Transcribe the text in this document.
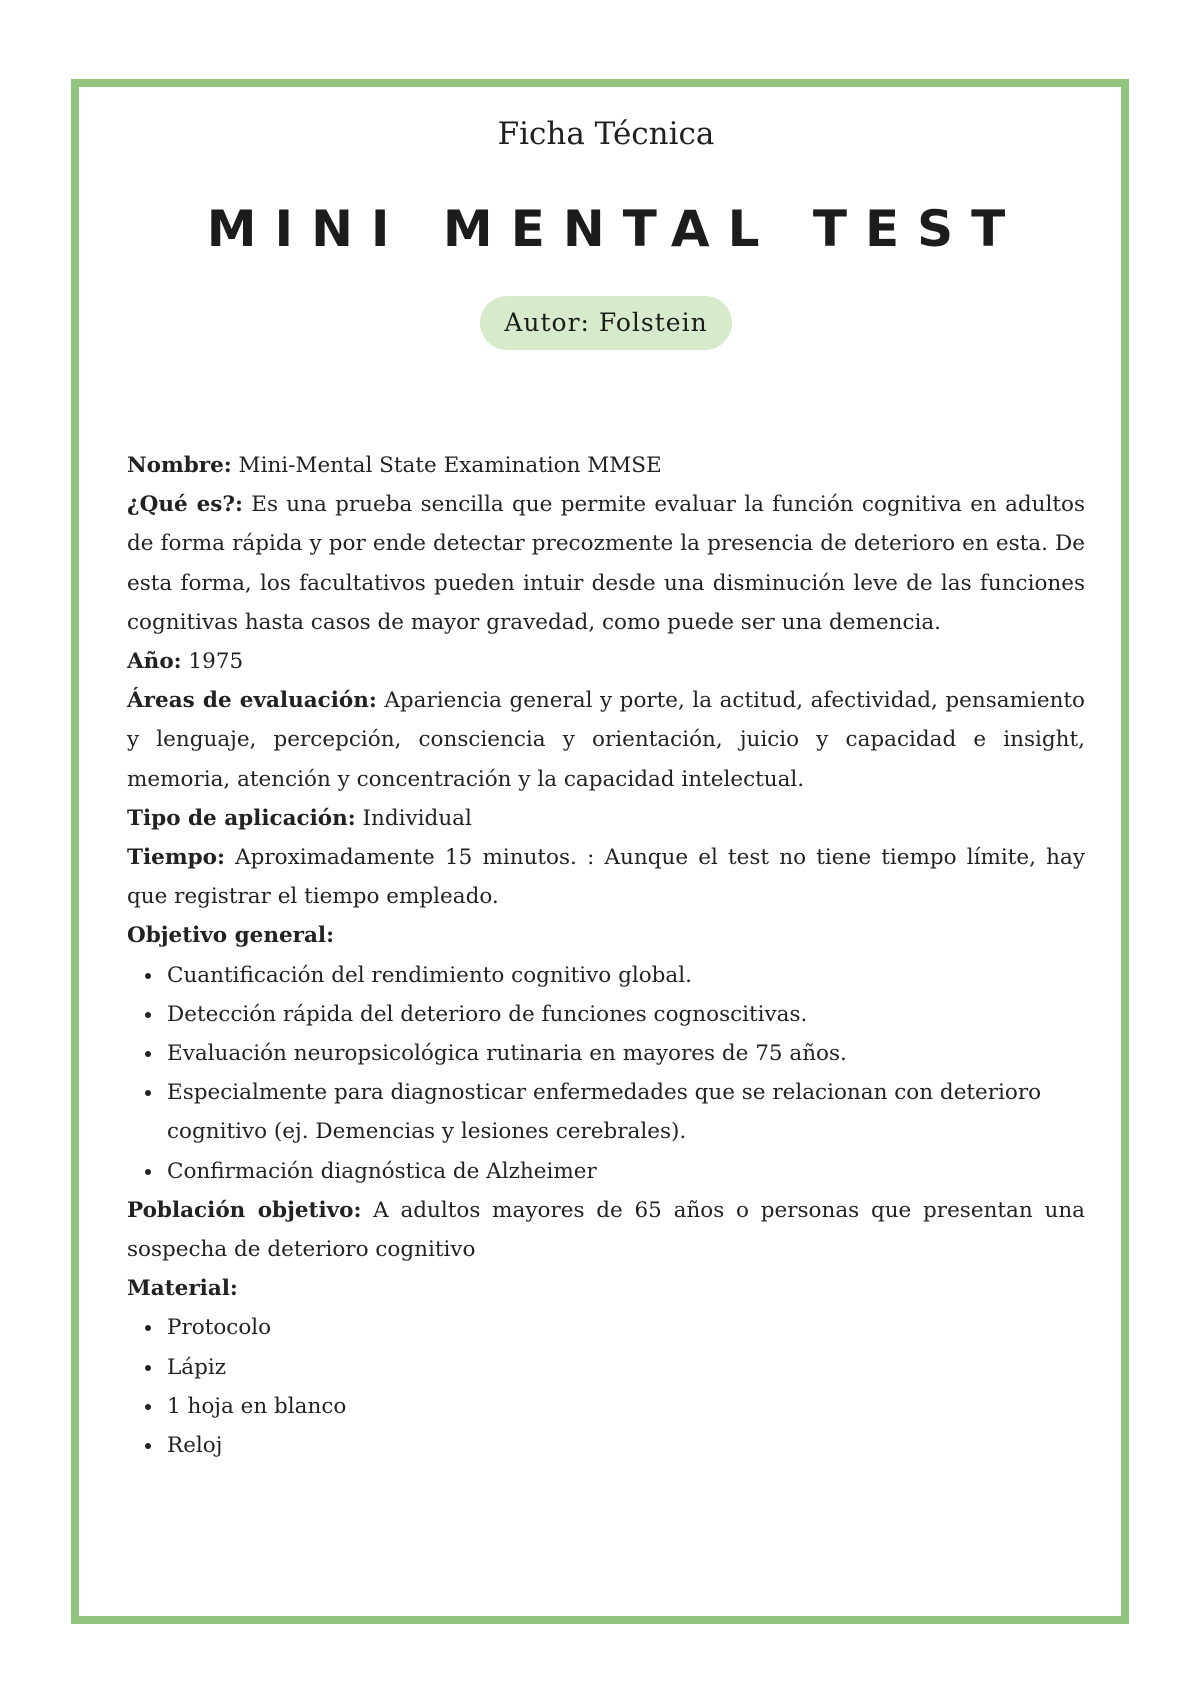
Ficha Técnica
MINI MENTAL TEST
Autor: Folstein

Nombre: Mini-Mental State Examination MMSE

¿Qué es?: Es una prueba sencilla que permite evaluar la función cognitiva en adultos de forma rápida y por ende detectar precozmente la presencia de deterioro en esta. De esta forma, los facultativos pueden intuir desde una disminución leve de las funciones cognitivas hasta casos de mayor gravedad, como puede ser una demencia.

Año: 1975

Áreas de evaluación: Apariencia general y porte, la actitud, afectividad, pensamiento y lenguaje, percepción, consciencia y orientación, juicio y capacidad e insight, memoria, atención y concentración y la capacidad intelectual.

Tipo de aplicación: Individual

Tiempo: Aproximadamente 15 minutos. : Aunque el test no tiene tiempo límite, hay que registrar el tiempo empleado.

Objetivo general:

Cuantificación del rendimiento cognitivo global.
Detección rápida del deterioro de funciones cognoscitivas.
Evaluación neuropsicológica rutinaria en mayores de 75 años.
Especialmente para diagnosticar enfermedades que se relacionan con deterioro cognitivo (ej. Demencias y lesiones cerebrales).
Confirmación diagnóstica de Alzheimer

Población objetivo: A adultos mayores de 65 años o personas que presentan una sospecha de deterioro cognitivo

Material:

Protocolo
Lápiz
1 hoja en blanco
Reloj
